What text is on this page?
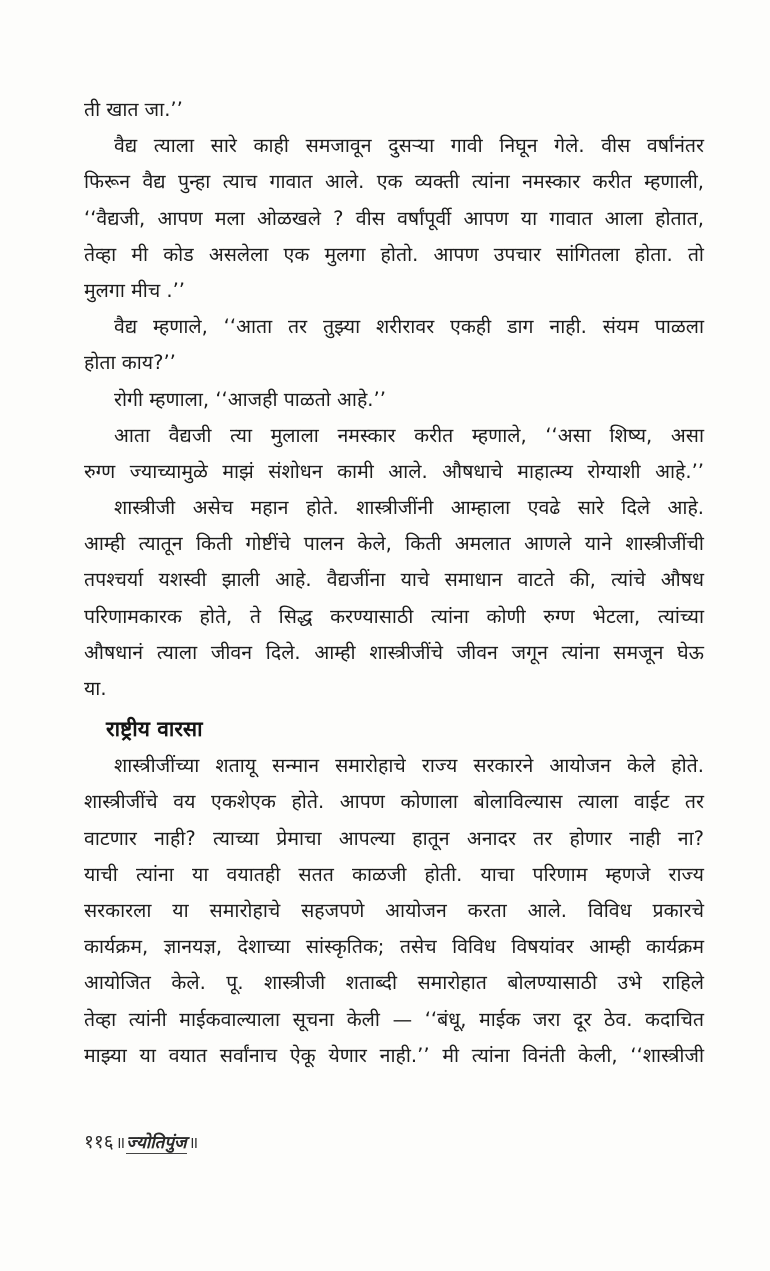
ती खात जा.’’
वैद्य त्याला सारे काही समजावून दुसऱ्या गावी निघून गेले. वीस वर्षांनंतर
फिरून वैद्य पुन्हा त्याच गावात आले. एक व्यक्ती त्यांना नमस्कार करीत म्हणाली,
‘‘वैद्यजी, आपण मला ओळखले ? वीस वर्षांपूर्वी आपण या गावात आला होतात,
तेव्हा मी कोड असलेला एक मुलगा होतो. आपण उपचार सांगितला होता. तो
मुलगा मीच .’’
वैद्य म्हणाले, ‘‘आता तर तुझ्या शरीरावर एकही डाग नाही. संयम पाळला
होता काय?’’
रोगी म्हणाला, ‘‘आजही पाळतो आहे.’’
आता वैद्यजी त्या मुलाला नमस्कार करीत म्हणाले, ‘‘असा शिष्य, असा
रुग्ण ज्याच्यामुळे माझं संशोधन कामी आले. औषधाचे माहात्म्य रोग्याशी आहे.’’
शास्त्रीजी असेच महान होते. शास्त्रीजींनी आम्हाला एवढे सारे दिले आहे.
आम्ही त्यातून किती गोष्टींचे पालन केले, किती अमलात आणले याने शास्त्रीजींची
तपश्चर्या यशस्वी झाली आहे. वैद्यजींना याचे समाधान वाटते की, त्यांचे औषध
परिणामकारक होते, ते सिद्ध करण्यासाठी त्यांना कोणी रुग्ण भेटला, त्यांच्या
औषधानं त्याला जीवन दिले. आम्ही शास्त्रीजींचे जीवन जगून त्यांना समजून घेऊ
या.
राष्ट्रीय वारसा
शास्त्रीजींच्या शतायू सन्मान समारोहाचे राज्य सरकारने आयोजन केले होते.
शास्त्रीजींचे वय एकशेएक होते. आपण कोणाला बोलाविल्यास त्याला वाईट तर
वाटणार नाही? त्याच्या प्रेमाचा आपल्या हातून अनादर तर होणार नाही ना?
याची त्यांना या वयातही सतत काळजी होती. याचा परिणाम म्हणजे राज्य
सरकारला या समारोहाचे सहजपणे आयोजन करता आले. विविध प्रकारचे
कार्यक्रम, ज्ञानयज्ञ, देशाच्या सांस्कृतिक; तसेच विविध विषयांवर आम्ही कार्यक्रम
आयोजित केले. पू. शास्त्रीजी शताब्दी समारोहात बोलण्यासाठी उभे राहिले
तेव्हा त्यांनी माईकवाल्याला सूचना केली — ‘‘बंधू, माईक जरा दूर ठेव. कदाचित
माझ्या या वयात सर्वांनाच ऐकू येणार नाही.’’ मी त्यांना विनंती केली, ‘‘शास्त्रीजी
११६ ॥ ज्योतिपुंज ॥
